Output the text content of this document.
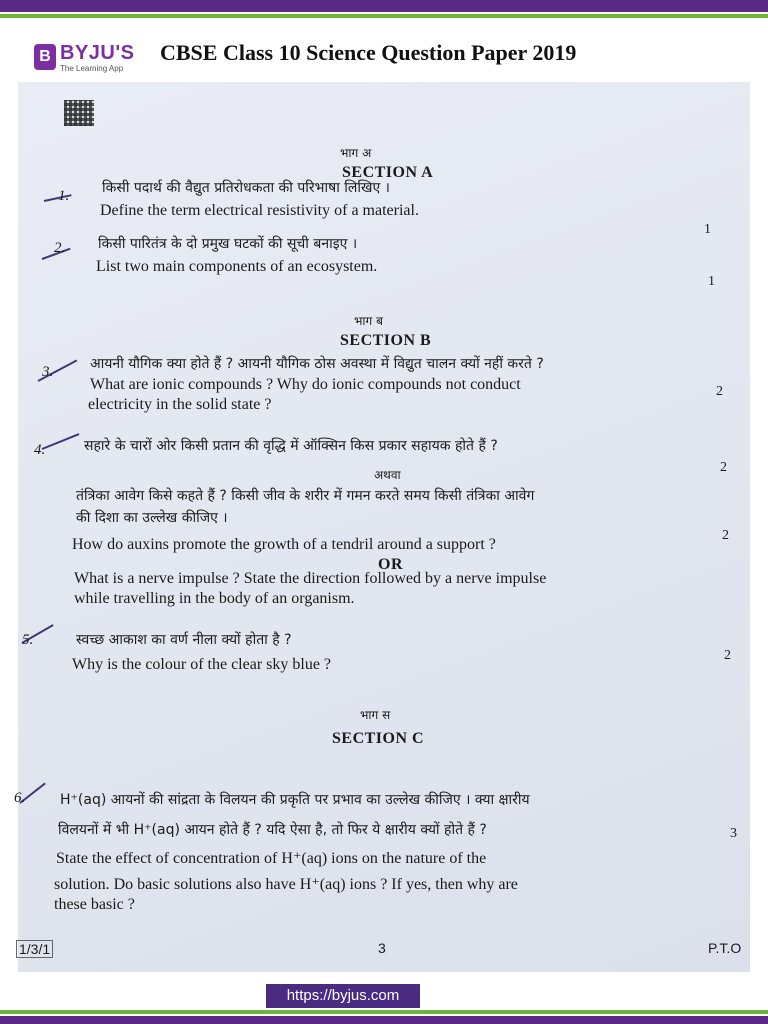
B BYJU'S
The Learning App
CBSE Class 10 Science Question Paper 2019
भाग अ
SECTION A
1. किसी पदार्थ की वैद्युत प्रतिरोधकता की परिभाषा लिखिए ।
Define the term electrical resistivity of a material.
1
2. किसी पारितंत्र के दो प्रमुख घटकों की सूची बनाइए ।
List two main components of an ecosystem.
1
भाग ब
SECTION B
3.	आयनी यौगिक क्या होते हैं ? आयनी यौगिक ठोस अवस्था में विद्युत चालन क्यों नहीं करते ?
What are ionic compounds ? Why do ionic compounds not conduct
electricity in the solid state ?
2
4.	सहारे के चारों ओर किसी प्रतान की वृद्धि में ऑक्सिन किस प्रकार सहायक होते हैं ?
2
अथवा
तंत्रिका आवेग किसे कहते हैं ? किसी जीव के शरीर में गमन करते समय किसी तंत्रिका आवेग
की दिशा का उल्लेख कीजिए ।
How do auxins promote the growth of a tendril around a support ?
2
OR
What is a nerve impulse ? State the direction followed by a nerve impulse
while travelling in the body of an organism.
5.	स्वच्छ आकाश का वर्ण नीला क्यों होता है ?
Why is the colour of the clear sky blue ?
2
भाग स
SECTION C
6. H⁺(aq) आयनों की सांद्रता के विलयन की प्रकृति पर प्रभाव का उल्लेख कीजिए । क्या क्षारीय
विलयनों में भी H⁺(aq) आयन होते हैं ? यदि ऐसा है, तो फिर ये क्षारीय क्यों होते हैं ?	3
State the effect of concentration of H⁺(aq) ions on the nature of the
solution. Do basic solutions also have H⁺(aq) ions ? If yes, then why are
these basic ?
1/3/1	3	P.T.O
https://byjus.com
